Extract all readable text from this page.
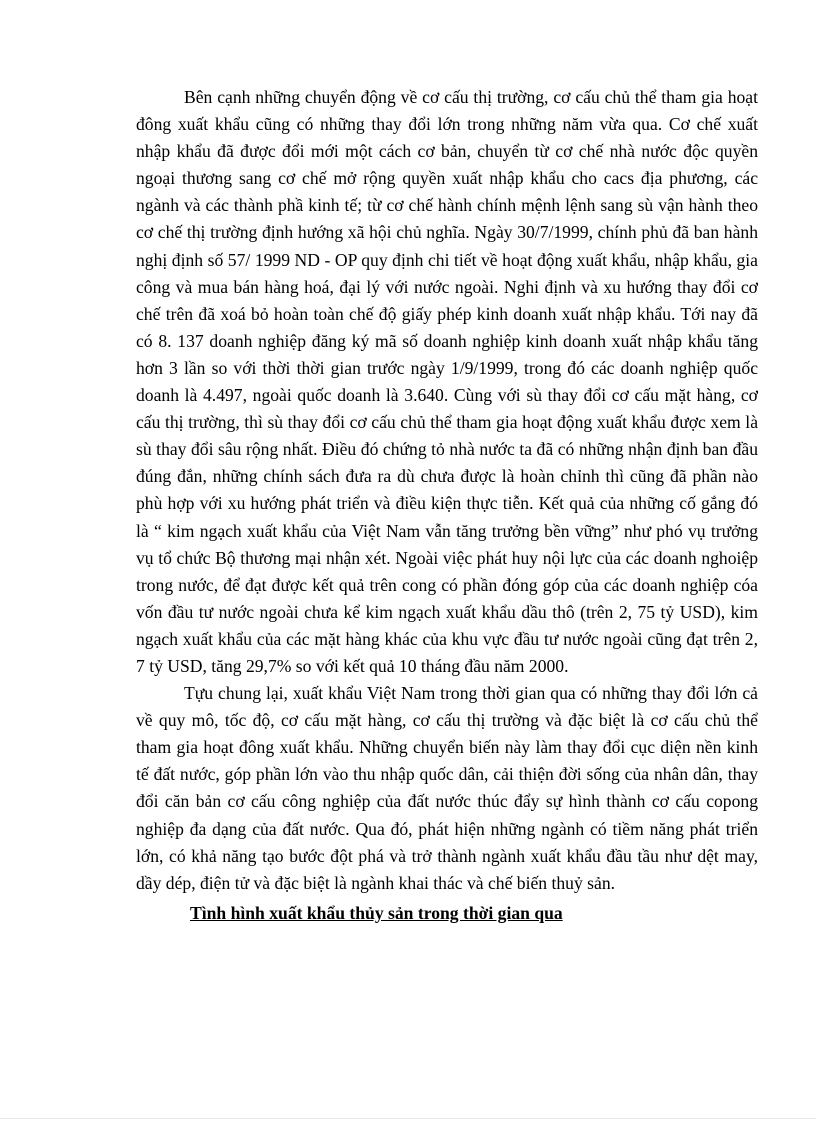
Bên cạnh những chuyển động về cơ cấu thị trường, cơ cấu chủ thể tham gia hoạt đông xuất khẩu cũng có những thay đổi lớn trong những năm vừa qua. Cơ chế xuất nhập khẩu đã được đổi mới một cách cơ bản, chuyển từ cơ chế nhà nước độc quyền ngoại thương sang cơ chế mở rộng quyền xuất nhập khẩu cho cacs địa phương, các ngành và các thành phầ kinh tế; từ cơ chế hành chính mệnh lệnh sang sù vận hành theo cơ chế thị trường định hướng xã hội chủ nghĩa. Ngày 30/7/1999, chính phủ đã ban hành nghị định số 57/ 1999 ND - OP quy định chi tiết về hoạt động xuất khẩu, nhập khẩu, gia công và mua bán hàng hoá, đại lý với nước ngoài. Nghi định và xu hướng thay đổi cơ chế trên đã xoá bỏ hoàn toàn chế độ giấy phép kinh doanh xuất nhập khẩu. Tới nay đã có 8. 137 doanh nghiệp đăng ký mã số doanh nghiệp kinh doanh xuất nhập khẩu tăng hơn 3 lần so với thời thời gian trước ngày 1/9/1999, trong đó các doanh nghiệp quốc doanh là 4.497, ngoài quốc doanh là 3.640. Cùng với sù thay đổi cơ cấu mặt hàng, cơ cấu thị trường, thì sù thay đổi cơ cấu chủ thể tham gia hoạt động xuất khẩu được xem là sù thay đổi sâu rộng nhất. Điều đó chứng tỏ nhà nước ta đã có những nhận định ban đầu đúng đắn, những chính sách đưa ra dù chưa được là hoàn chỉnh thì cũng đã phần nào phù hợp với xu hướng phát triển và điều kiện thực tiễn. Kết quả của những cố gắng đó là “ kim ngạch xuất khẩu của Việt Nam vẫn tăng trưởng bền vững” như phó vụ trưởng vụ tổ chức Bộ thương mại nhận xét. Ngoài việc phát huy nội lực của các doanh nghoiệp trong nước, để đạt được kết quả trên cong có phần đóng góp của các doanh nghiệp cóa vốn đầu tư nước ngoài chưa kể kim ngạch xuất khẩu dầu thô (trên 2, 75 tỷ USD), kim ngạch xuất khẩu của các mặt hàng khác của khu vực đầu tư nước ngoài cũng đạt trên 2, 7 tỷ USD, tăng 29,7% so với kết quả 10 tháng đầu năm 2000.

Tựu chung lại, xuất khẩu Việt Nam trong thời gian qua có những thay đổi lớn cả về quy mô, tốc độ, cơ cấu mặt hàng, cơ cấu thị trường và đặc biệt là cơ cấu chủ thể tham gia hoạt đông xuất khẩu. Những chuyển biến này làm thay đổi cục diện nền kinh tế đất nước, góp phần lớn vào thu nhập quốc dân, cải thiện đời sống của nhân dân, thay đổi căn bản cơ cấu công nghiệp của đất nước thúc đẩy sự hình thành cơ cấu copong nghiệp đa dạng của đất nước. Qua đó, phát hiện những ngành có tiềm năng phát triển lớn, có khả năng tạo bước đột phá và trở thành ngành xuất khẩu đầu tầu như dệt may, dầy dép, điện tử và đặc biệt là ngành khai thác và chế biến thuỷ sản.

Tình hình xuất khẩu thủy sản trong thời gian qua
